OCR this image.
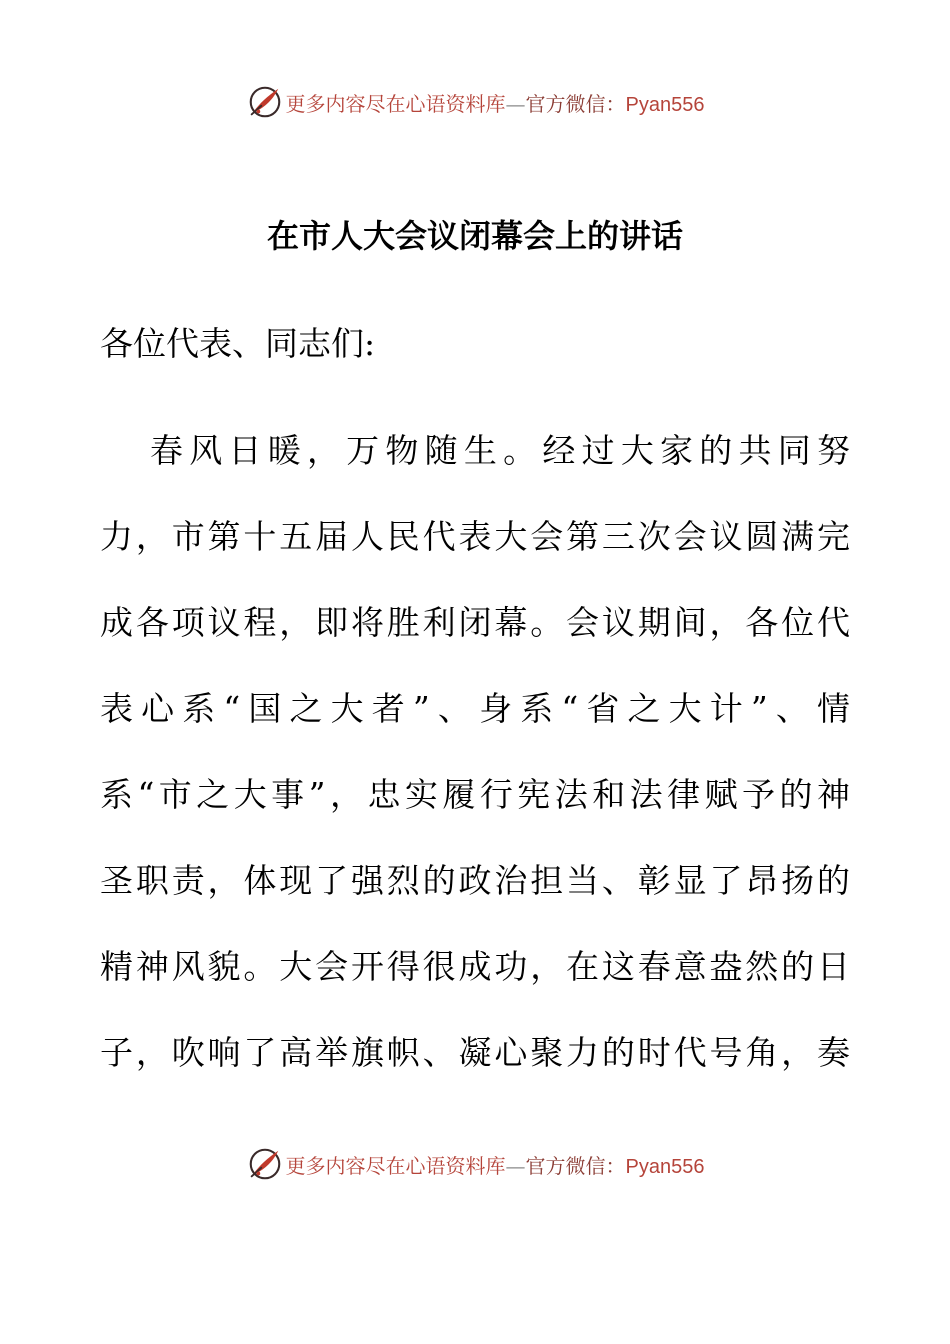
更多内容尽在心语资料库—官方微信：Pyan556
在市人大会议闭幕会上的讲话

各位代表、同志们:

春风日暖，万物随生。经过大家的共同努
力，市第十五届人民代表大会第三次会议圆满完
成各项议程，即将胜利闭幕。会议期间，各位代
表心系“国之大者”、身系“省之大计”、情
系“市之大事”，忠实履行宪法和法律赋予的神
圣职责，体现了强烈的政治担当、彰显了昂扬的
精神风貌。大会开得很成功，在这春意盎然的日
子，吹响了高举旗帜、凝心聚力的时代号角，奏
更多内容尽在心语资料库—官方微信：Pyan556
